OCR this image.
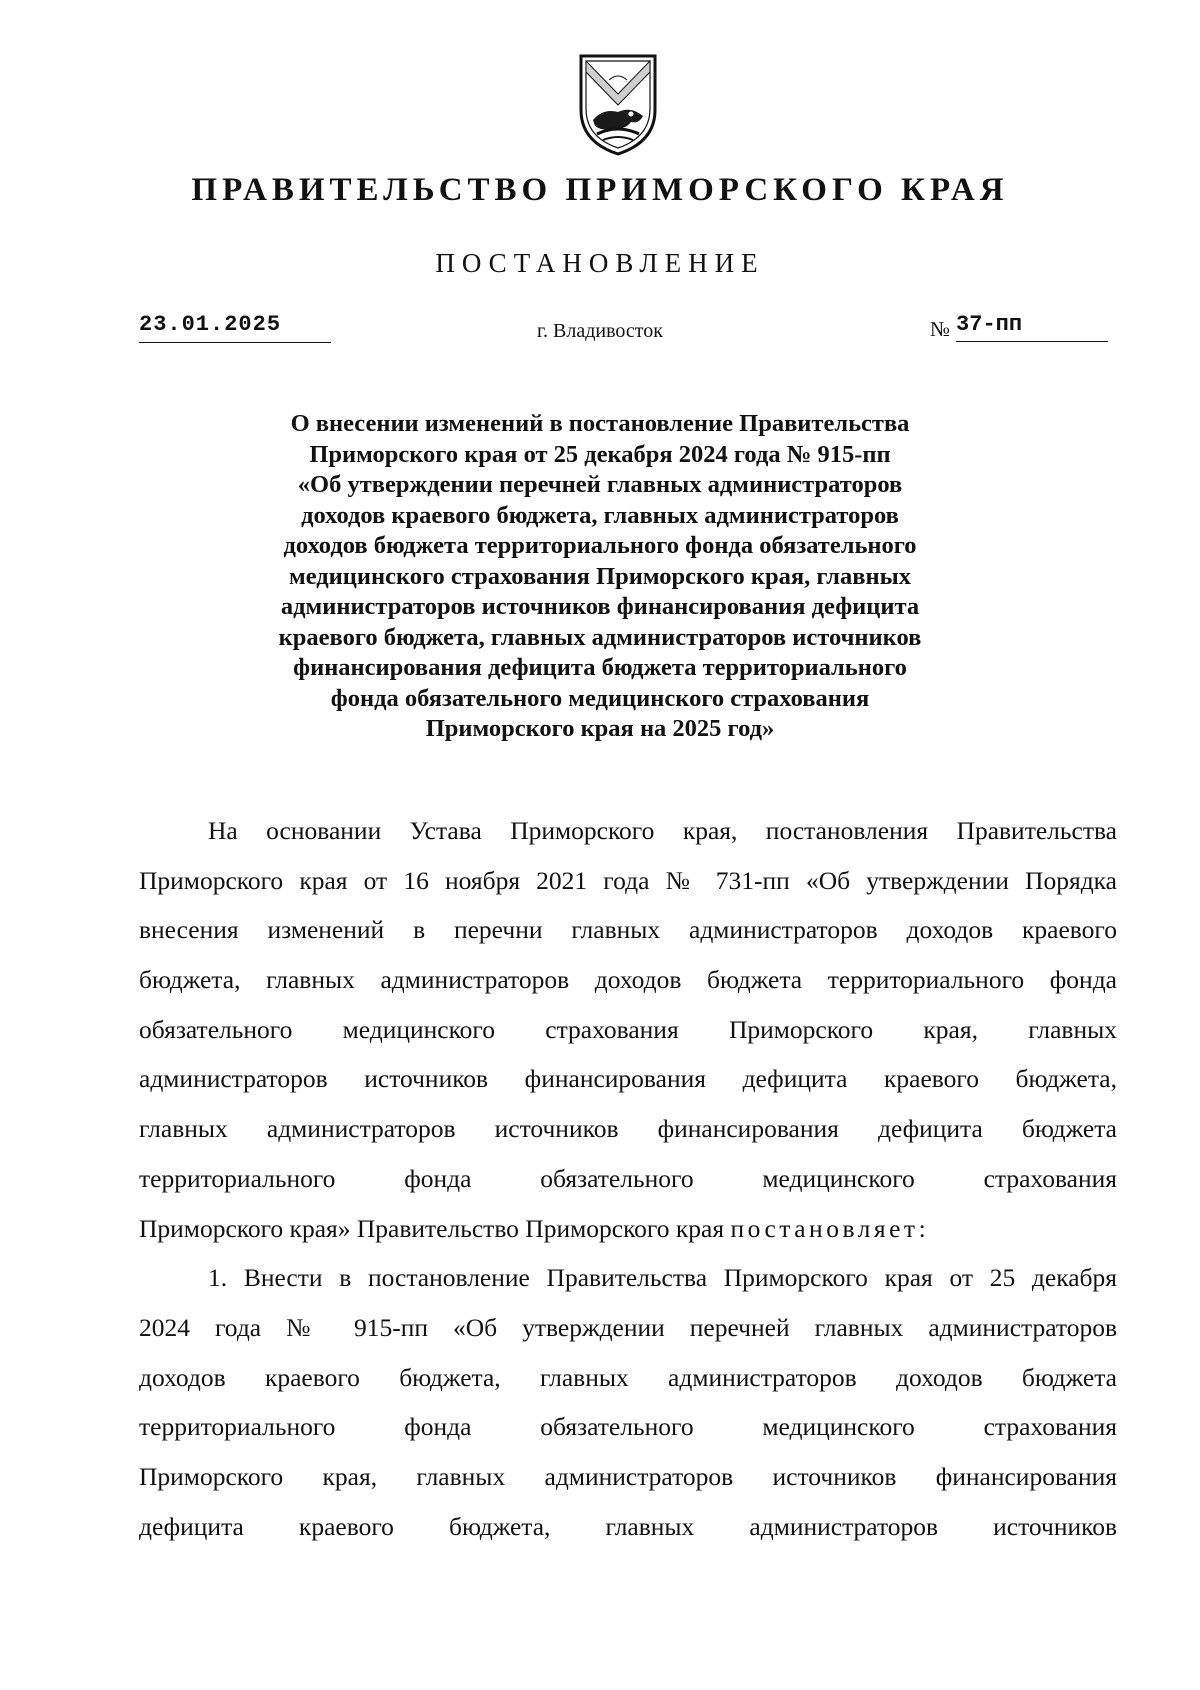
ПРАВИТЕЛЬСТВО ПРИМОРСКОГО КРАЯ
ПОСТАНОВЛЕНИЕ
23.01.2025	г. Владивосток	№ 37-пп
О внесении изменений в постановление Правительства
Приморского края от 25 декабря 2024 года № 915-пп
«Об утверждении перечней главных администраторов
доходов краевого бюджета, главных администраторов
доходов бюджета территориального фонда обязательного
медицинского страхования Приморского края, главных
администраторов источников финансирования дефицита
краевого бюджета, главных администраторов источников
финансирования дефицита бюджета территориального
фонда обязательного медицинского страхования
Приморского края на 2025 год»
На основании Устава Приморского края, постановления Правительства
Приморского края от 16 ноября 2021 года № 731-пп «Об утверждении Порядка
внесения изменений в перечни главных администраторов доходов краевого
бюджета, главных администраторов доходов бюджета территориального фонда
обязательного медицинского страхования Приморского края, главных
администраторов источников финансирования дефицита краевого бюджета,
главных администраторов источников финансирования дефицита бюджета
территориального фонда обязательного медицинского страхования
Приморского края» Правительство Приморского края постановляет:
1. Внести в постановление Правительства Приморского края от 25 декабря
2024 года № 915-пп «Об утверждении перечней главных администраторов
доходов краевого бюджета, главных администраторов доходов бюджета
территориального фонда обязательного медицинского страхования
Приморского края, главных администраторов источников финансирования
дефицита краевого бюджета, главных администраторов источников
